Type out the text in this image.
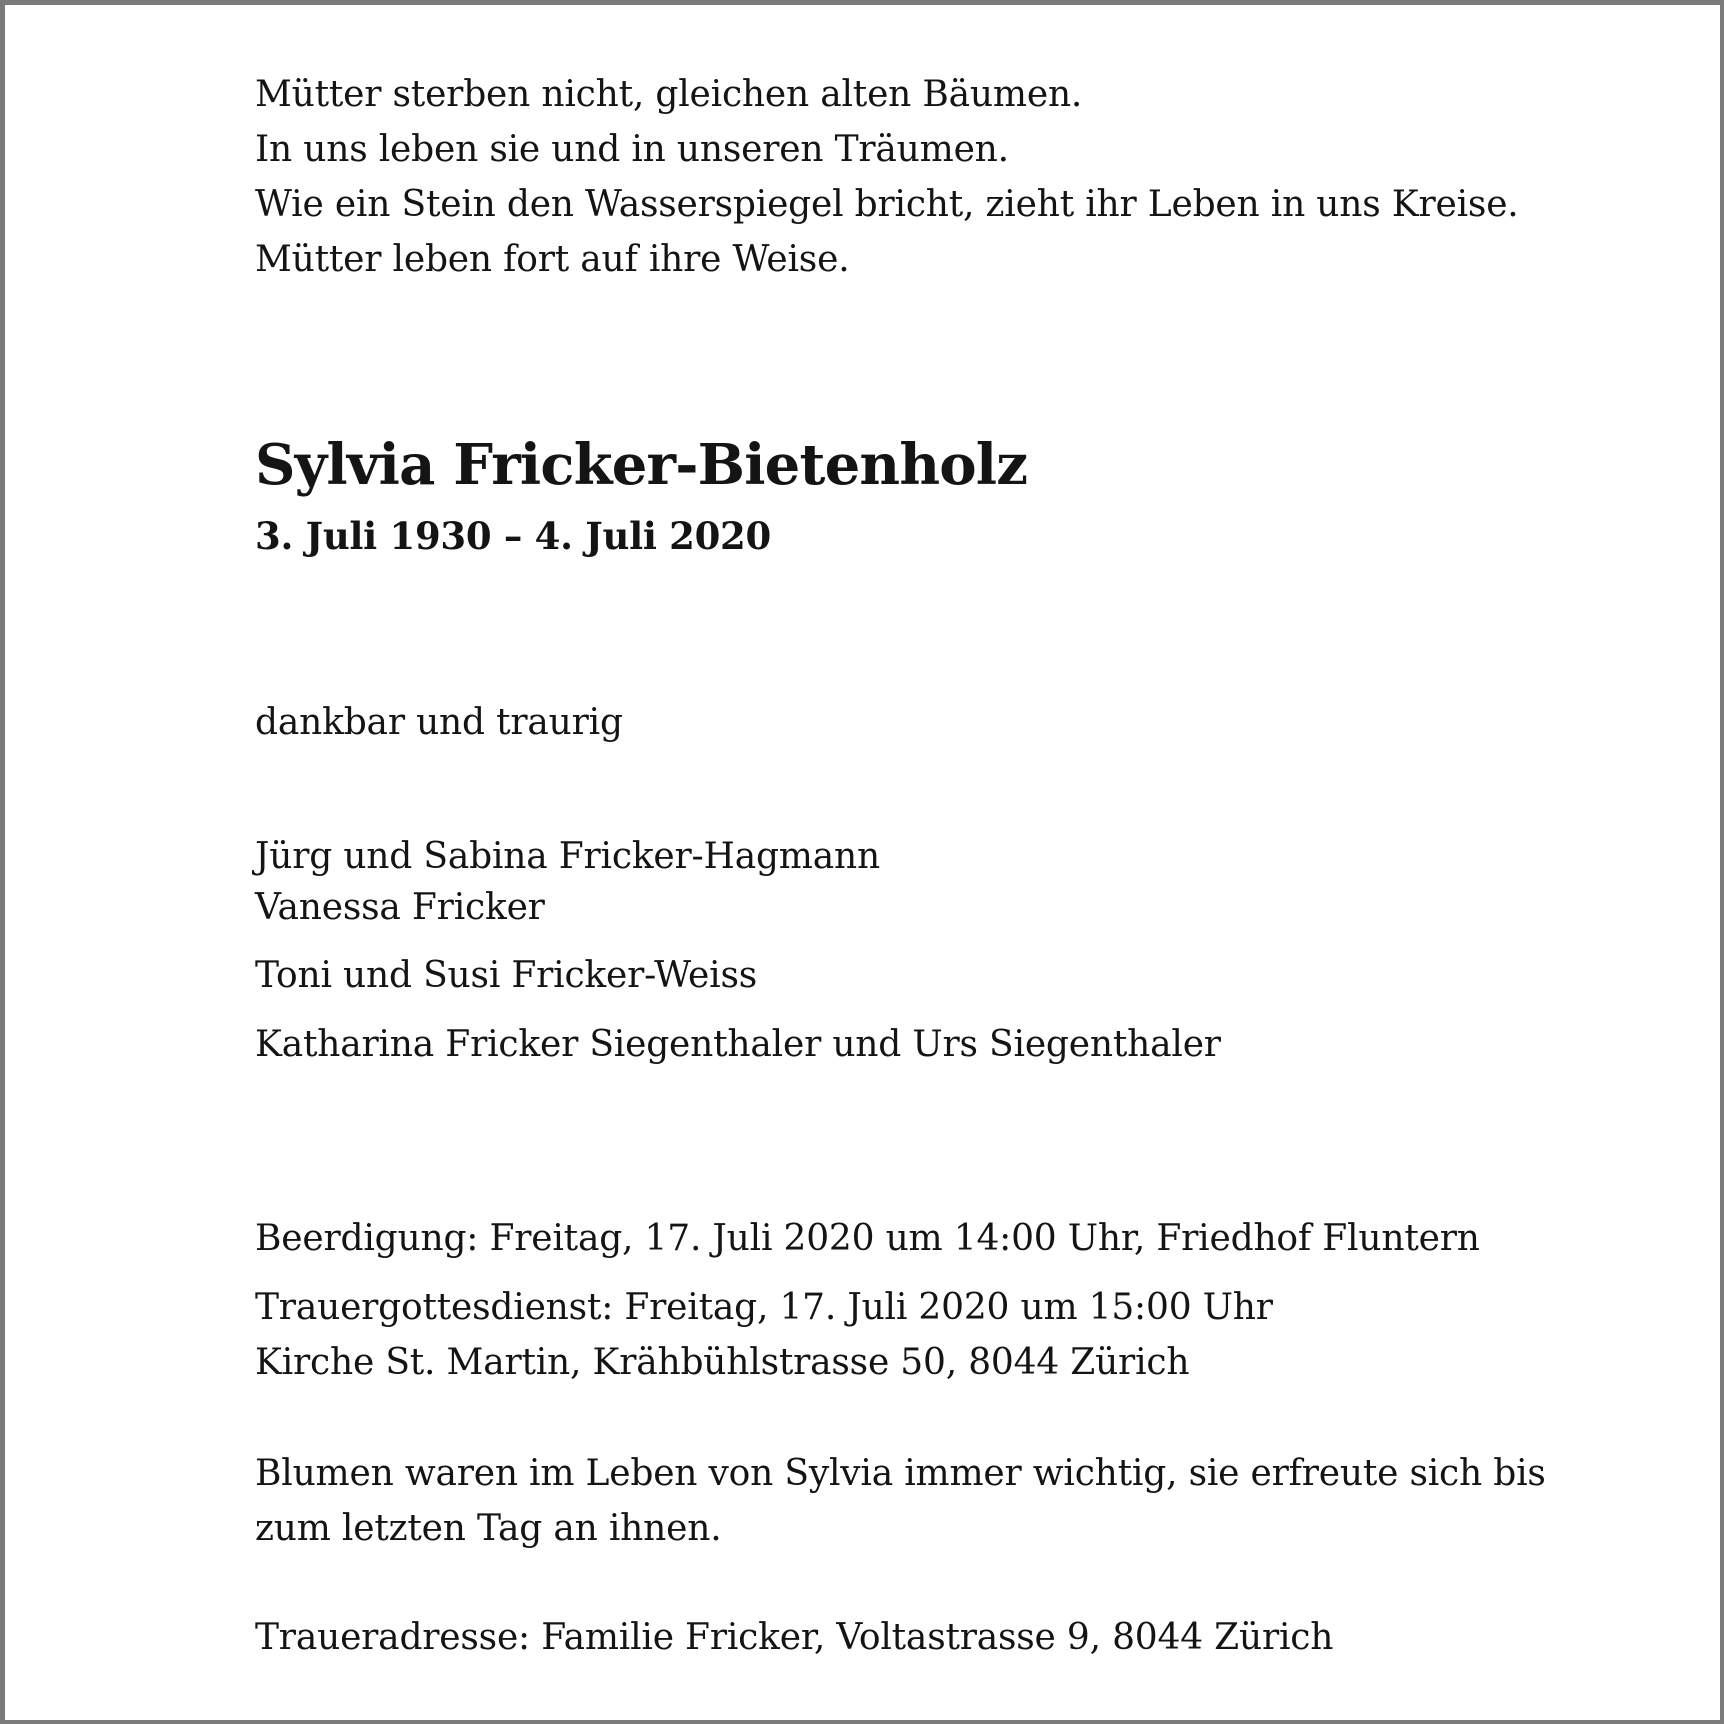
Mütter sterben nicht, gleichen alten Bäumen.
In uns leben sie und in unseren Träumen.
Wie ein Stein den Wasserspiegel bricht, zieht ihr Leben in uns Kreise.
Mütter leben fort auf ihre Weise.
Sylvia Fricker-Bietenholz
3. Juli 1930 – 4. Juli 2020
dankbar und traurig
Jürg und Sabina Fricker-Hagmann
Vanessa Fricker
Toni und Susi Fricker-Weiss
Katharina Fricker Siegenthaler und Urs Siegenthaler
Beerdigung: Freitag, 17. Juli 2020 um 14:00 Uhr, Friedhof Fluntern
Trauergottesdienst: Freitag, 17. Juli 2020 um 15:00 Uhr
Kirche St. Martin, Krähbühlstrasse 50, 8044 Zürich
Blumen waren im Leben von Sylvia immer wichtig, sie erfreute sich bis
zum letzten Tag an ihnen.
Traueradresse: Familie Fricker, Voltastrasse 9, 8044 Zürich
